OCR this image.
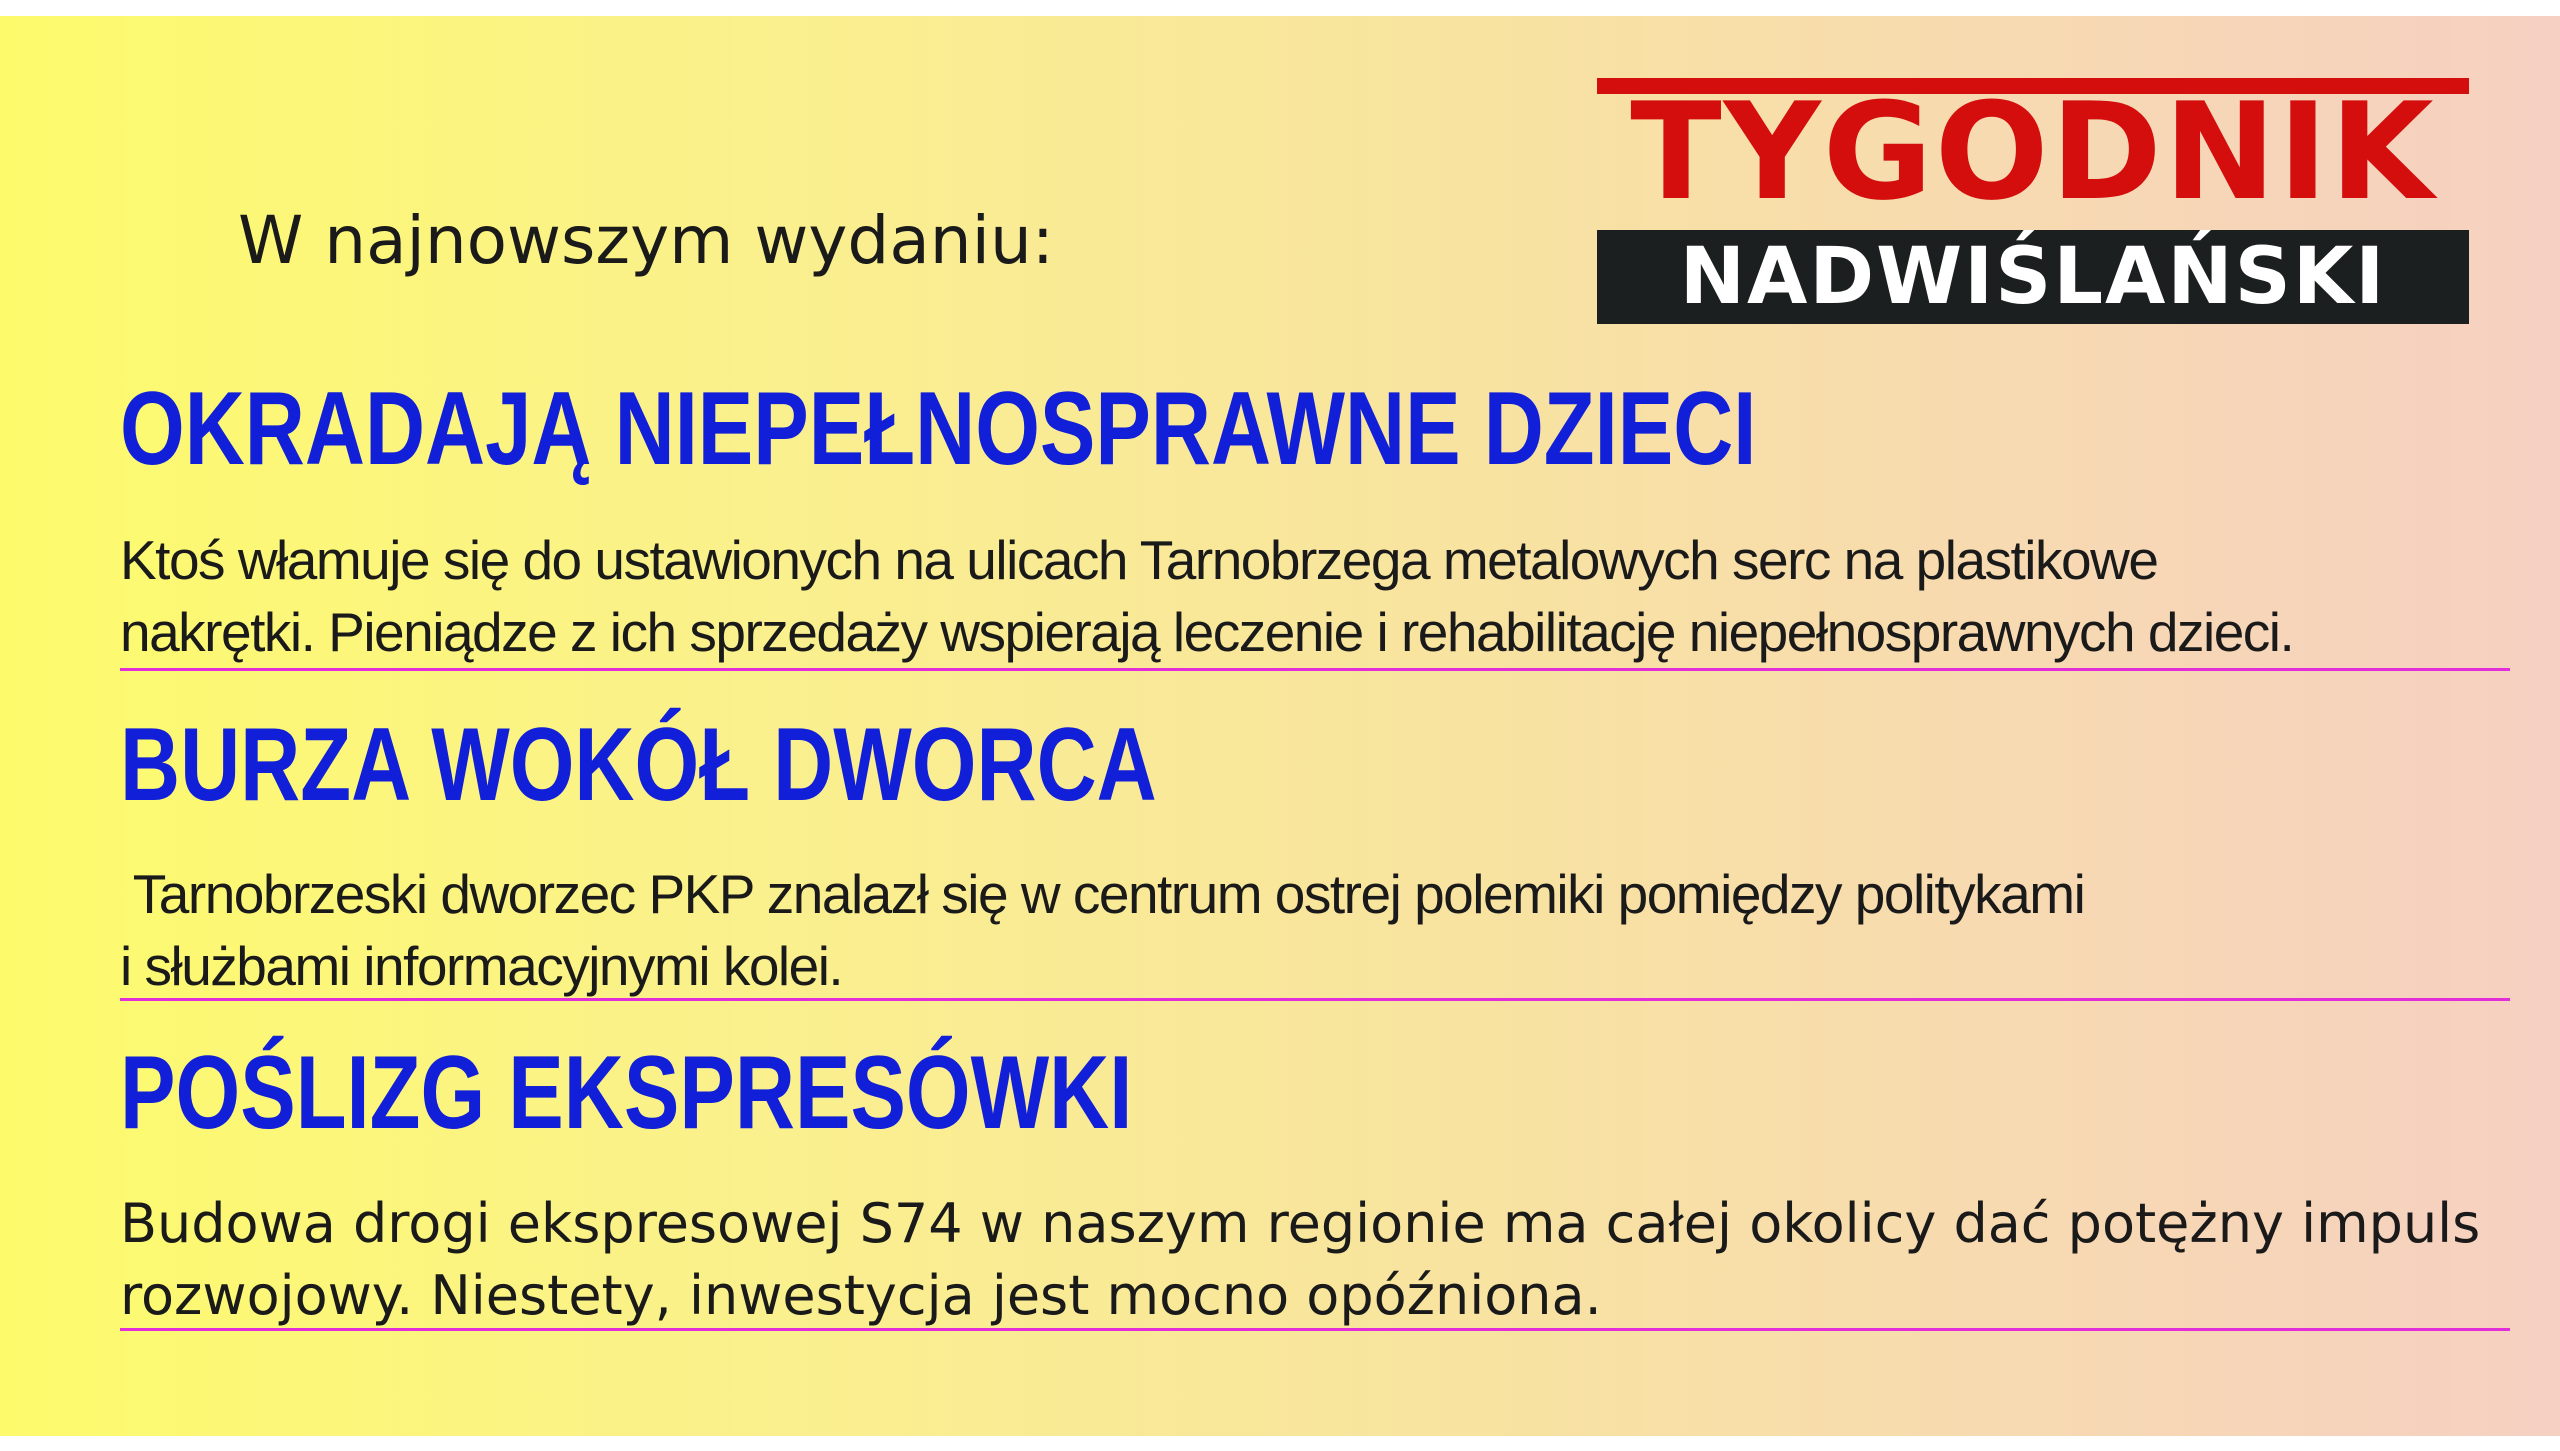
W najnowszym wydaniu:
TYGODNIK
NADWIŚLAŃSKI
OKRADAJĄ NIEPEŁNOSPRAWNE DZIECI
Ktoś włamuje się do ustawionych na ulicach Tarnobrzega metalowych serc na plastikowe
nakrętki. Pieniądze z ich sprzedaży wspierają leczenie i rehabilitację niepełnosprawnych dzieci.
BURZA WOKÓŁ DWORCA
Tarnobrzeski dworzec PKP znalazł się w centrum ostrej polemiki pomiędzy politykami
i służbami informacyjnymi kolei.
POŚLIZG EKSPRESÓWKI
Budowa drogi ekspresowej S74 w naszym regionie ma całej okolicy dać potężny impuls
rozwojowy. Niestety, inwestycja jest mocno opóźniona.
